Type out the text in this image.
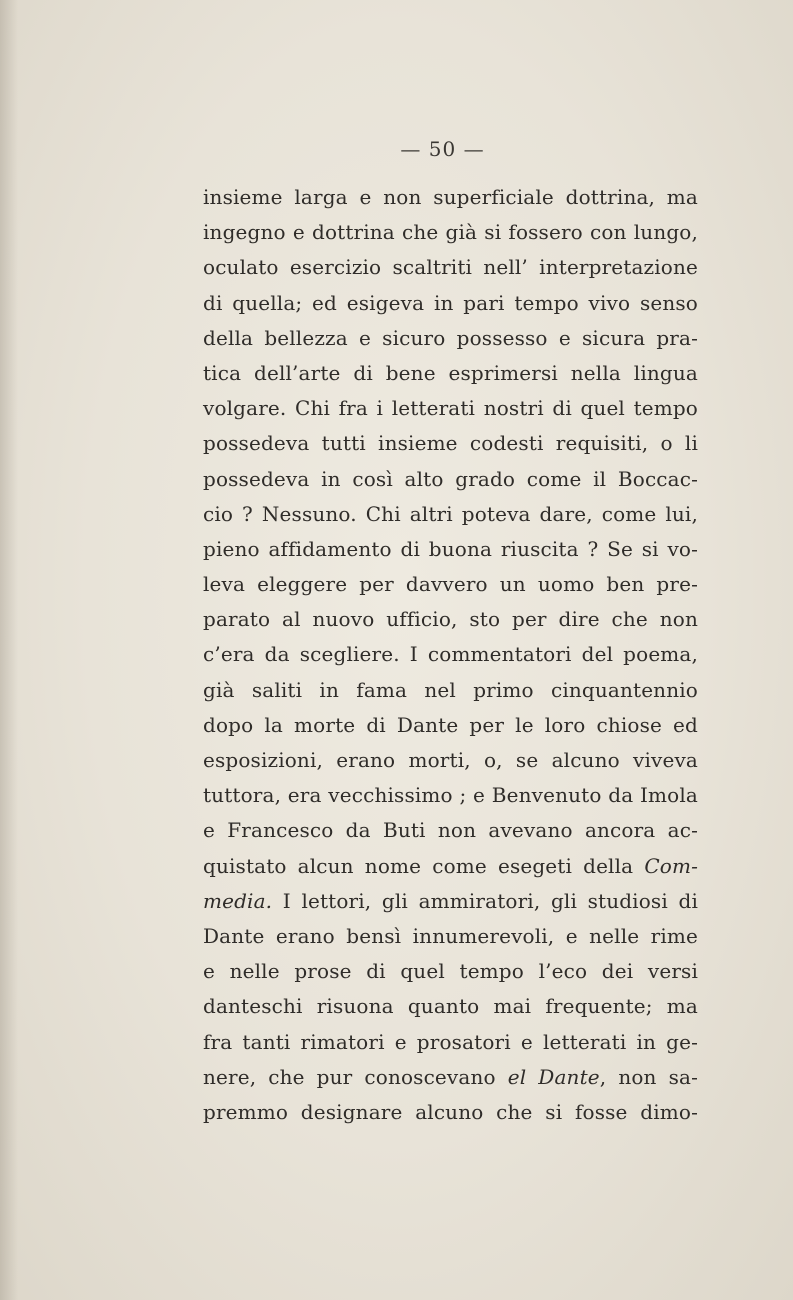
— 50 —
insieme larga e non superficiale dottrina, ma
ingegno e dottrina che già si fossero con lungo,
oculato esercizio scaltriti nell’ interpretazione
di quella; ed esigeva in pari tempo vivo senso
della bellezza e sicuro possesso e sicura pra-
tica dell’arte di bene esprimersi nella lingua
volgare. Chi fra i letterati nostri di quel tempo
possedeva tutti insieme codesti requisiti, o li
possedeva in così alto grado come il Boccac-
cio ? Nessuno. Chi altri poteva dare, come lui,
pieno affidamento di buona riuscita ? Se si vo-
leva eleggere per davvero un uomo ben pre-
parato al nuovo ufficio, sto per dire che non
c’era da scegliere. I commentatori del poema,
già saliti in fama nel primo cinquantennio
dopo la morte di Dante per le loro chiose ed
esposizioni, erano morti, o, se alcuno viveva
tuttora, era vecchissimo ; e Benvenuto da Imola
e Francesco da Buti non avevano ancora ac-
quistato alcun nome come esegeti della Com-
media. I lettori, gli ammiratori, gli studiosi di
Dante erano bensì innumerevoli, e nelle rime
e nelle prose di quel tempo l’eco dei versi
danteschi risuona quanto mai frequente; ma
fra tanti rimatori e prosatori e letterati in ge-
nere, che pur conoscevano el Dante, non sa-
premmo designare alcuno che si fosse dimo-
